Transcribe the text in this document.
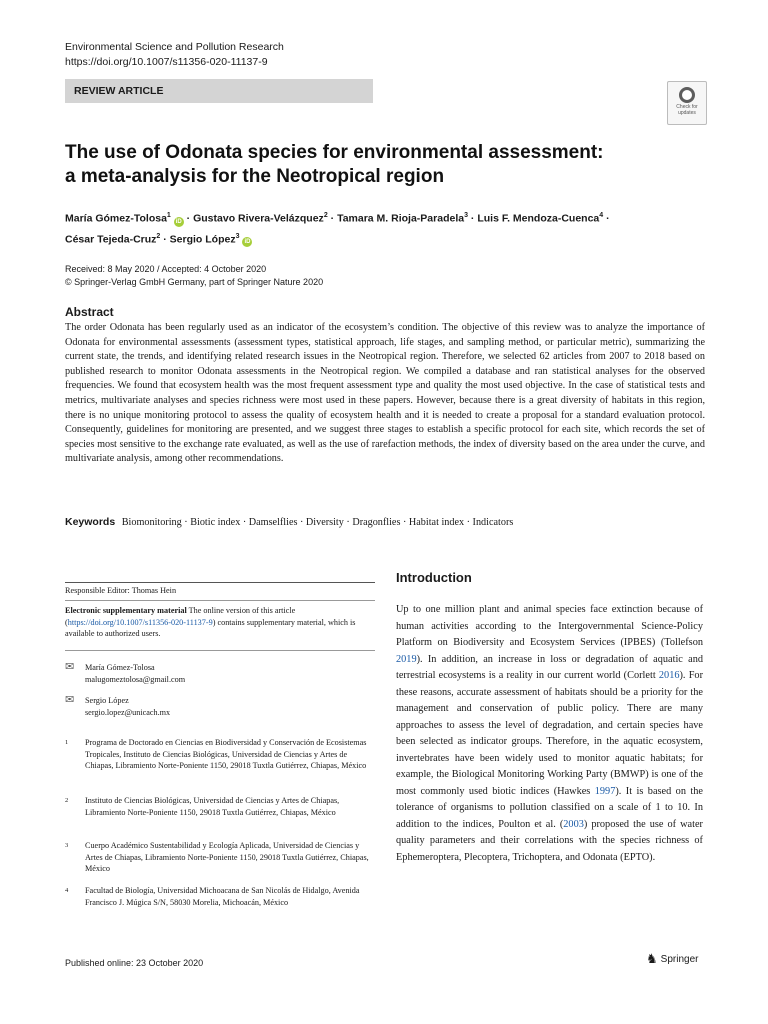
Environmental Science and Pollution Research
https://doi.org/10.1007/s11356-020-11137-9
REVIEW ARTICLE
Check for updates
The use of Odonata species for environmental assessment:
a meta-analysis for the Neotropical region
María Gómez-Tolosa$^1$ iD · Gustavo Rivera-Velázquez$^2$ · Tamara M. Rioja-Paradela$^3$ · Luis F. Mendoza-Cuenca$^4$ ·
César Tejeda-Cruz$^2$ · Sergio López$^3$ iD
Received: 8 May 2020 / Accepted: 4 October 2020
© Springer-Verlag GmbH Germany, part of Springer Nature 2020
Abstract
The order Odonata has been regularly used as an indicator of the ecosystem’s condition. The objective of this review was to analyze the importance of Odonata for environmental assessments (assessment types, statistical approach, life stages, and sampling method, or particular metric), summarizing the current state, the trends, and identifying related research issues in the Neotropical region. Therefore, we selected 62 articles from 2007 to 2018 based on published research to monitor Odonata assessments in the Neotropical region. We compiled a database and ran statistical analyses for the observed frequencies. We found that ecosystem health was the most frequent assessment type and quality the most used objective. In the case of statistical tests and metrics, multivariate analyses and species richness were most used in these papers. However, because there is a great diversity of habitats in this region, there is no unique monitoring protocol to assess the quality of ecosystem health and it is needed to create a proposal for a standard evaluation protocol. Consequently, guidelines for monitoring are presented, and we suggest three stages to establish a specific protocol for each site, which records the set of species most sensitive to the exchange rate evaluated, as well as the use of rarefaction methods, the index of diversity based on the area under the curve, and multivariate analysis, among other recommendations.
Keywords Biomonitoring · Biotic index · Damselflies · Diversity · Dragonflies · Habitat index · Indicators
Responsible Editor: Thomas Hein
Electronic supplementary material The online version of this article (https://doi.org/10.1007/s11356-020-11137-9) contains supplementary material, which is available to authorized users.
✉ María Gómez-Tolosa
malugomeztolosa@gmail.com
✉ Sergio López
sergio.lopez@unicach.mx
1 Programa de Doctorado en Ciencias en Biodiversidad y Conservación de Ecosistemas Tropicales, Instituto de Ciencias Biológicas, Universidad de Ciencias y Artes de Chiapas, Libramiento Norte-Poniente 1150, 29018 Tuxtla Gutiérrez, Chiapas, México
2 Instituto de Ciencias Biológicas, Universidad de Ciencias y Artes de Chiapas, Libramiento Norte-Poniente 1150, 29018 Tuxtla Gutiérrez, Chiapas, México
3 Cuerpo Académico Sustentabilidad y Ecología Aplicada, Universidad de Ciencias y Artes de Chiapas, Libramiento Norte-Poniente 1150, 29018 Tuxtla Gutiérrez, Chiapas, México
4 Facultad de Biología, Universidad Michoacana de San Nicolás de Hidalgo, Avenida Francisco J. Múgica S/N, 58030 Morelia, Michoacán, México
Introduction
Up to one million plant and animal species face extinction because of human activities according to the Intergovernmental Science-Policy Platform on Biodiversity and Ecosystem Services (IPBES) (Tollefson 2019). In addition, an increase in loss or degradation of aquatic and terrestrial ecosystems is a reality in our current world (Corlett 2016). For these reasons, accurate assessment of habitats should be a priority for the management and conservation of public policy. There are many approaches to assess the level of degradation, and certain species have been selected as indicator groups. Therefore, in the aquatic ecosystem, invertebrates have been widely used to monitor aquatic habitats; for example, the Biological Monitoring Working Party (BMWP) is one of the most commonly used biotic indices (Hawkes 1997). It is based on the tolerance of organisms to pollution classified on a scale of 1 to 10. In addition to the indices, Poulton et al. (2003) proposed the use of water quality parameters and their correlations with the species richness of Ephemeroptera, Plecoptera, Trichoptera, and Odonata (EPTO).
Published online: 23 October 2020	♞ Springer
